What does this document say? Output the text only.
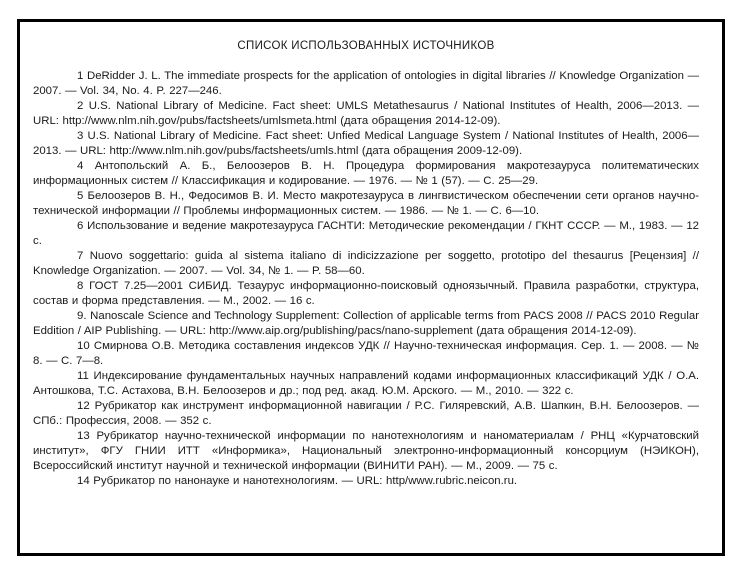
СПИСОК ИСПОЛЬЗОВАННЫХ ИСТОЧНИКОВ

1 DeRidder J. L. The immediate prospects for the application of ontologies in digital libraries // Knowledge Organization — 2007. — Vol. 34, No. 4. P. 227—246.

2 U.S. National Library of Medicine. Fact sheet: UMLS Metathesaurus / National Institutes of Health, 2006—2013. — URL: http://www.nlm.nih.gov/pubs/factsheets/umlsmeta.html (дата обращения 2014-12-09).

3 U.S. National Library of Medicine. Fact sheet: Unfied Medical Language System / National Institutes of Health, 2006—2013. — URL: http://www.nlm.nih.gov/pubs/factsheets/umls.html (дата обращения 2009-12-09).

4 Антопольский А. Б., Белоозеров В. Н. Процедура формирования макротезауруса политематических информационных систем // Классификация и кодирование. — 1976. — № 1 (57). — С. 25—29.

5 Белоозеров В. Н., Федосимов В. И. Место макротезауруса в лингвистическом обеспечении сети органов научно-технической информации // Проблемы информационных систем. — 1986. — № 1. — С. 6—10.

6 Использование и ведение макротезауруса ГАСНТИ: Методические рекомендации / ГКНТ СССР. — М., 1983. — 12 с.

7 Nuovo soggettario: guida al sistema italiano di indicizzazione per soggetto, prototipo del thesaurus [Рецензия] // Knowledge Organization. — 2007. — Vol. 34, № 1. — P. 58—60.

8 ГОСТ 7.25—2001 СИБИД. Тезаурус информационно-поисковый одноязычный. Правила разработки, структура, состав и форма представления. — М., 2002. — 16 с.

9. Nanoscale Science and Technology Supplement: Collection of applicable terms from PACS 2008 // PACS 2010 Regular Eddition / AIP Publishing. — URL: http://www.aip.org/publishing/pacs/nano-supplement (дата обращения 2014-12-09).

10 Смирнова О.В. Методика составления индексов УДК // Научно-техническая информация. Сер. 1. — 2008. — № 8. — С. 7—8.

11 Индексирование фундаментальных научных направлений кодами информационных классификаций УДК / О.А. Антошкова, Т.С. Астахова, В.Н. Белоозеров и др.; под ред. акад. Ю.М. Арского. — М., 2010. — 322 с.

12 Рубрикатор как инструмент информационной навигации / Р.С. Гиляревский, А.В. Шапкин, В.Н. Белоозеров. — СПб.: Профессия, 2008. — 352 с.

13 Рубрикатор научно-технической информации по нанотехнологиям и наноматериалам / РНЦ «Курчатовский институт», ФГУ ГНИИ ИТТ «Информика», Национальный электронно-информационный консорциум (НЭИКОН), Всероссийский институт научной и технической информации (ВИНИТИ РАН). — М., 2009. — 75 с.

14 Рубрикатор по нанонауке и нанотехнологиям. — URL: http/www.rubric.neicon.ru.
